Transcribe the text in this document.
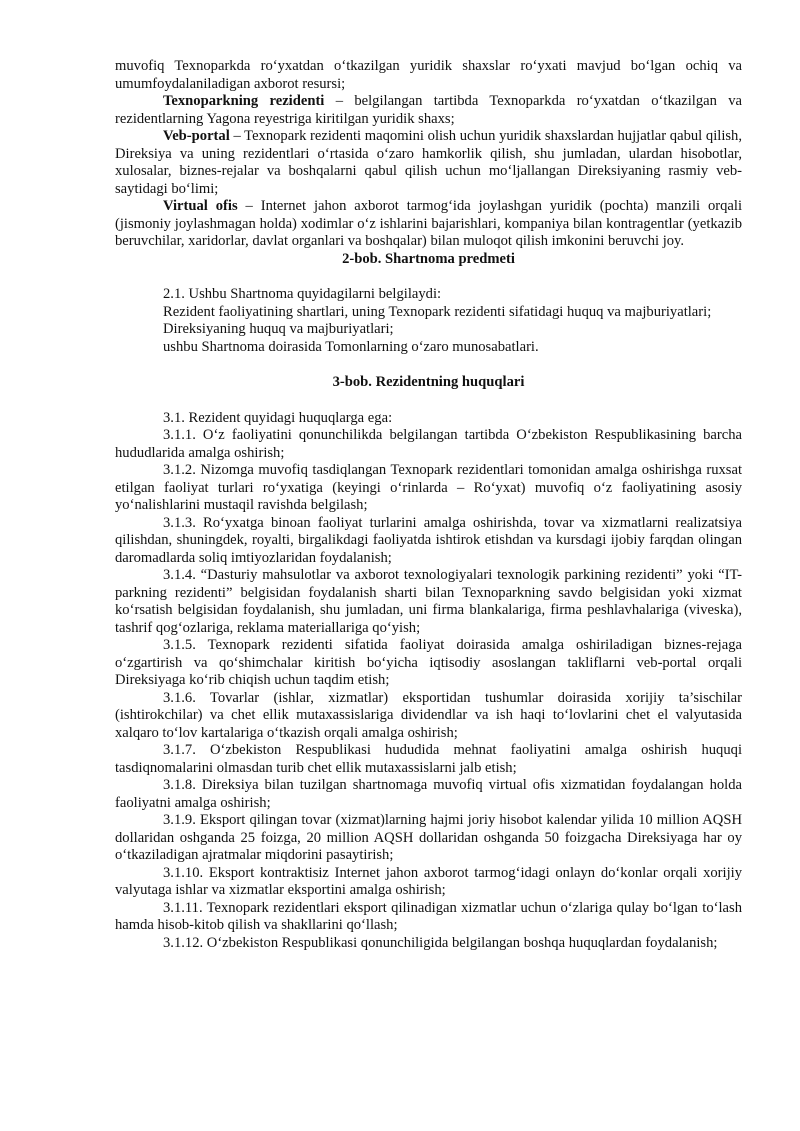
muvofiq Texnoparkda ro‘yxatdan o‘tkazilgan yuridik shaxslar ro‘yxati mavjud bo‘lgan ochiq va umumfoydalaniladigan axborot resursi;

Texnoparkning rezidenti – belgilangan tartibda Texnoparkda ro‘yxatdan o‘tkazilgan va rezidentlarning Yagona reyestriga kiritilgan yuridik shaxs;

Veb-portal – Texnopark rezidenti maqomini olish uchun yuridik shaxslardan hujjatlar qabul qilish, Direksiya va uning rezidentlari o‘rtasida o‘zaro hamkorlik qilish, shu jumladan, ulardan hisobotlar, xulosalar, biznes-rejalar va boshqalarni qabul qilish uchun mo‘ljallangan Direksiyaning rasmiy veb-saytidagi bo‘limi;

Virtual ofis – Internet jahon axborot tarmog‘ida joylashgan yuridik (pochta) manzili orqali (jismoniy joylashmagan holda) xodimlar o‘z ishlarini bajarishlari, kompaniya bilan kontragentlar (yetkazib beruvchilar, xaridorlar, davlat organlari va boshqalar) bilan muloqot qilish imkonini beruvchi joy.

2-bob. Shartnoma predmeti

2.1. Ushbu Shartnoma quyidagilarni belgilaydi:

Rezident faoliyatining shartlari, uning Texnopark rezidenti sifatidagi huquq va majburiyatlari;

Direksiyaning huquq va majburiyatlari;

ushbu Shartnoma doirasida Tomonlarning o‘zaro munosabatlari.

3-bob. Rezidentning huquqlari

3.1. Rezident quyidagi huquqlarga ega:

3.1.1. O‘z faoliyatini qonunchilikda belgilangan tartibda O‘zbekiston Respublikasining barcha hududlarida amalga oshirish;

3.1.2. Nizomga muvofiq tasdiqlangan Texnopark rezidentlari tomonidan amalga oshirishga ruxsat etilgan faoliyat turlari ro‘yxatiga (keyingi o‘rinlarda – Ro‘yxat) muvofiq o‘z faoliyatining asosiy yo‘nalishlarini mustaqil ravishda belgilash;

3.1.3. Ro‘yxatga binoan faoliyat turlarini amalga oshirishda, tovar va xizmatlarni realizatsiya qilishdan, shuningdek, royalti, birgalikdagi faoliyatda ishtirok etishdan va kursdagi ijobiy farqdan olingan daromadlarda soliq imtiyozlaridan foydalanish;

3.1.4. “Dasturiy mahsulotlar va axborot texnologiyalari texnologik parkining rezidenti” yoki “IT-parkning rezidenti” belgisidan foydalanish sharti bilan Texnoparkning savdo belgisidan yoki xizmat ko‘rsatish belgisidan foydalanish, shu jumladan, uni firma blankalariga, firma peshlavhalariga (viveska), tashrif qog‘ozlariga, reklama materiallariga qo‘yish;

3.1.5. Texnopark rezidenti sifatida faoliyat doirasida amalga oshiriladigan biznes-rejaga o‘zgartirish va qo‘shimchalar kiritish bo‘yicha iqtisodiy asoslangan takliflarni veb-portal orqali Direksiyaga ko‘rib chiqish uchun taqdim etish;

3.1.6. Tovarlar (ishlar, xizmatlar) eksportidan tushumlar doirasida xorijiy ta’sischilar (ishtirokchilar) va chet ellik mutaxassislariga dividendlar va ish haqi to‘lovlarini chet el valyutasida xalqaro to‘lov kartalariga o‘tkazish orqali amalga oshirish;

3.1.7. O‘zbekiston Respublikasi hududida mehnat faoliyatini amalga oshirish huquqi tasdiqnomalarini olmasdan turib chet ellik mutaxassislarni jalb etish;

3.1.8. Direksiya bilan tuzilgan shartnomaga muvofiq virtual ofis xizmatidan foydalangan holda faoliyatni amalga oshirish;

3.1.9. Eksport qilingan tovar (xizmat)larning hajmi joriy hisobot kalendar yilida 10 million AQSH dollaridan oshganda 25 foizga, 20 million AQSH dollaridan oshganda 50 foizgacha Direksiyaga har oy o‘tkaziladigan ajratmalar miqdorini pasaytirish;

3.1.10. Eksport kontraktisiz Internet jahon axborot tarmog‘idagi onlayn do‘konlar orqali xorijiy valyutaga ishlar va xizmatlar eksportini amalga oshirish;

3.1.11. Texnopark rezidentlari eksport qilinadigan xizmatlar uchun o‘zlariga qulay bo‘lgan to‘lash hamda hisob-kitob qilish va shakllarini qo‘llash;

3.1.12. O‘zbekiston Respublikasi qonunchiligida belgilangan boshqa huquqlardan foydalanish;
